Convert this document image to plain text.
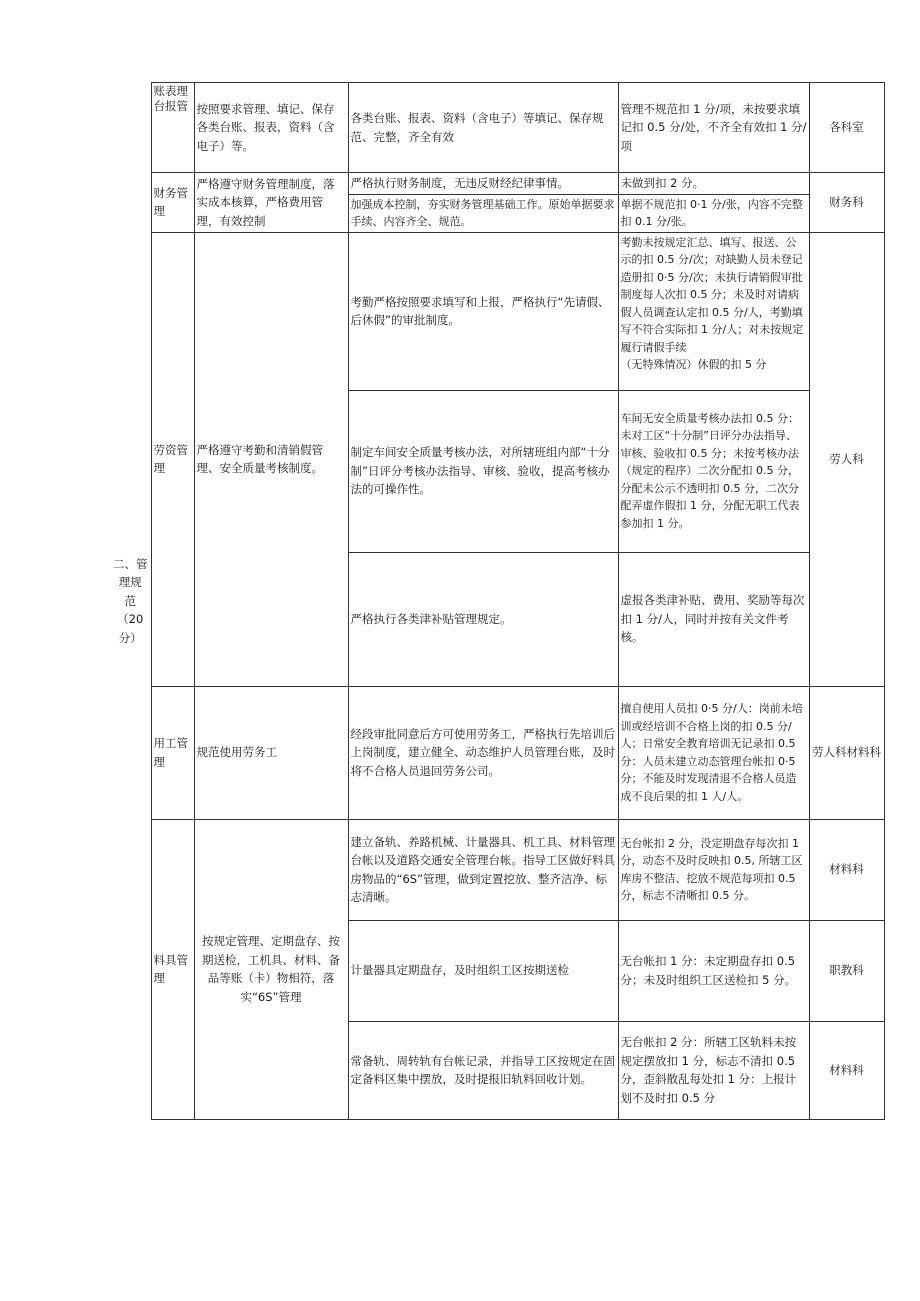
二、管理规
范
（20 分）	账表理台报管	按照要求管理、填记、保存各类台账、报表，资料（含电子）等。	各类台账、报表、资料（含电子）等填记、保存规范、完整，齐全有效	管理不规范扣 1 分/项，未按要求填记扣 0.5 分/处，不齐全有效扣 1 分/项	各科室
	财务管理	严格遵守财务管理制度，落实成本核算，严格费用管理，有效控制	严格执行财务制度，无违反财经纪律事情。	未做到扣 2 分。	财务科
			加强成本控制，夯实财务管理基础工作。原始单据要求手续、内容齐全、规范。	单据不规范扣 0·1 分/张，内容不完整扣 0.1 分/张。	
	劳资管理	严格遵守考勤和清销假管理、安全质量考核制度。	考勤严格按照要求填写和上报，严格执行“先请假、后休假”的审批制度。	考勤未按规定汇总、填写、报送、公示的扣 0.5 分/次；对缺勤人员未登记造册扣 0·5 分/次；未执行请销假审批制度每人次扣 0.5 分；未及时对请病假人员调查认定扣 0.5 分/人，考勤填写不符合实际扣 1 分/人；对未按规定履行请假手续
（无特殊情况）休假的扣 5 分	劳人科
			制定车间安全质量考核办法，对所辖班组内部“十分制”日评分考核办法指导、审核、验收，提高考核办法的可操作性。	车间无安全质量考核办法扣 0.5 分：未对工区“十分制”日评分办法指导、审核、验收扣 0.5 分；未按考核办法（规定的程序）二次分配扣 0.5 分，分配未公示不透明扣 0.5 分，二次分配弄虚作假扣 1 分，分配无职工代表参加扣 1 分。	
			严格执行各类津补贴管理规定。	虚报各类津补贴、费用、奖励等每次扣 1 分/人，同时并按有关文件考核。	
	用工管理	规范使用劳务工	经段审批同意后方可使用劳务工，严格执行先培训后上岗制度，建立健全、动态维护人员管理台账，及时将不合格人员退回劳务公司。	擅自使用人员扣 0·5 分/人：岗前未培训或经培训不合格上岗的扣 0.5 分/人；日常安全教育培训无记录扣 0.5 分：人员未建立动态管理台帐扣 0·5 分；不能及时发现清退不合格人员造成不良后果的扣 1 人/人。	劳人科材料科
	料具管理	按规定管理、定期盘存、按期送检，工机具、材料、备品等账（卡）物相符，落实“6S”管理	建立备轨、养路机械、计量器具、机工具、材料管理台帐以及道路交通安全管理台帐。指导工区做好料具房物品的“6S”管理，做到定置挖放、整齐洁净、标志清晰。	无台帐扣 2 分，没定期盘存每次扣 1 分，动态不及时反映扣 0.5, 所辖工区库房不整洁、挖放不规范每项扣 0.5 分，标志不清晰扣 0.5 分。	材料科
			计量器具定期盘存，及时组织工区按期送检	无台帐扣 1 分：未定期盘存扣 0.5 分；未及时组织工区送检扣 5 分。	职教科
			常备轨、周转轨有台帐记录，并指导工区按规定在固定备料区集中摆放，及时提报旧轨料回收计划。	无台帐扣 2 分：所辖工区轨料未按规定摆放扣 1 分，标志不清扣 0.5 分，歪斜散乱每处扣 1 分：上报计划不及时扣 0.5 分	材料科
